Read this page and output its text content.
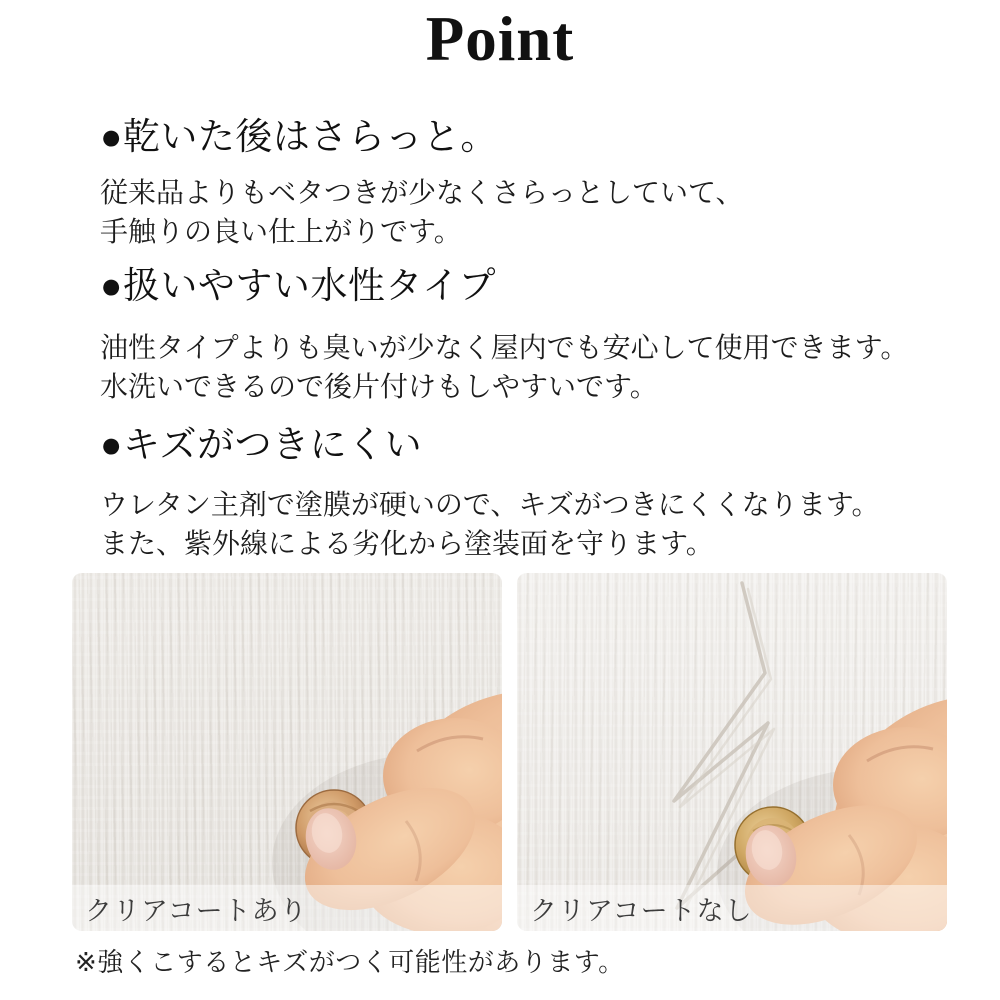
Point
●乾いた後はさらっと。

従来品よりもベタつきが少なくさらっとしていて、
手触りの良い仕上がりです。

●扱いやすい水性タイプ

油性タイプよりも臭いが少なく屋内でも安心して使用できます。
水洗いできるので後片付けもしやすいです。

●キズがつきにくい

ウレタン主剤で塗膜が硬いので、キズがつきにくくなります。
また、紫外線による劣化から塗装面を守ります。

クリアコートあり	クリアコートなし

※強くこするとキズがつく可能性があります。
